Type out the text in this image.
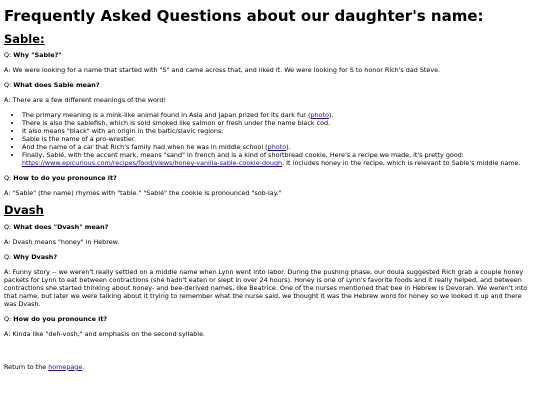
Frequently Asked Questions about our daughter's name:
Sable:

Q: Why "Sable?"

A: We were looking for a name that started with "S" and came across that, and liked it. We were looking for S to honor Rich's dad Steve.

Q: What does Sable mean?

A: There are a few different meanings of the word!

• The primary meaning is a mink-like animal found in Asia and Japan prized for its dark fur (photo).
• There is also the sablefish, which is sold smoked like salmon or fresh under the name black cod.
• It also means "black" with an origin in the baltic/slavic regions.
• Sable is the name of a pro-wrestler.
• And the name of a car that Rich's family had when he was in middle school (photo).
• Finally, Sablé, with the accent mark, means "sand" in french and is a kind of shortbread cookie. Here's a recipe we made, it's pretty good: https://www.epicurious.com/recipes/food/views/honey-vanilla-sable-cookie-dough. It includes honey in the recipe, which is relevant to Sable's middle name.

Q: How to do you pronounce it?

A: "Sable" (the name) rhymes with "table." "Sablé" the cookie is pronounced "sob-lay."

Dvash

Q: What does "Dvash" mean?

A: Dvash means "honey" in Hebrew.

Q: Why Dvash?

A: Funny story -- we weren't really settled on a middle name when Lynn went into labor. During the pushing phase, our doula suggested Rich grab a couple honey packets for Lynn to eat between contractions (she hadn't eaten or slept in over 24 hours). Honey is one of Lynn's favorite foods and it really helped, and between contractions she started thinking about honey- and bee-derived names, like Beatrice. One of the nurses mentioned that bee in Hebrew is Devorah. We weren't into that name, but later we were talking about it trying to remember what the nurse said, we thought it was the Hebrew word for honey so we looked it up and there was Dvash.

Q: How do you pronounce it?

A: Kinda like "deh-vosh," and emphasis on the second syllable.

Return to the homepage.
